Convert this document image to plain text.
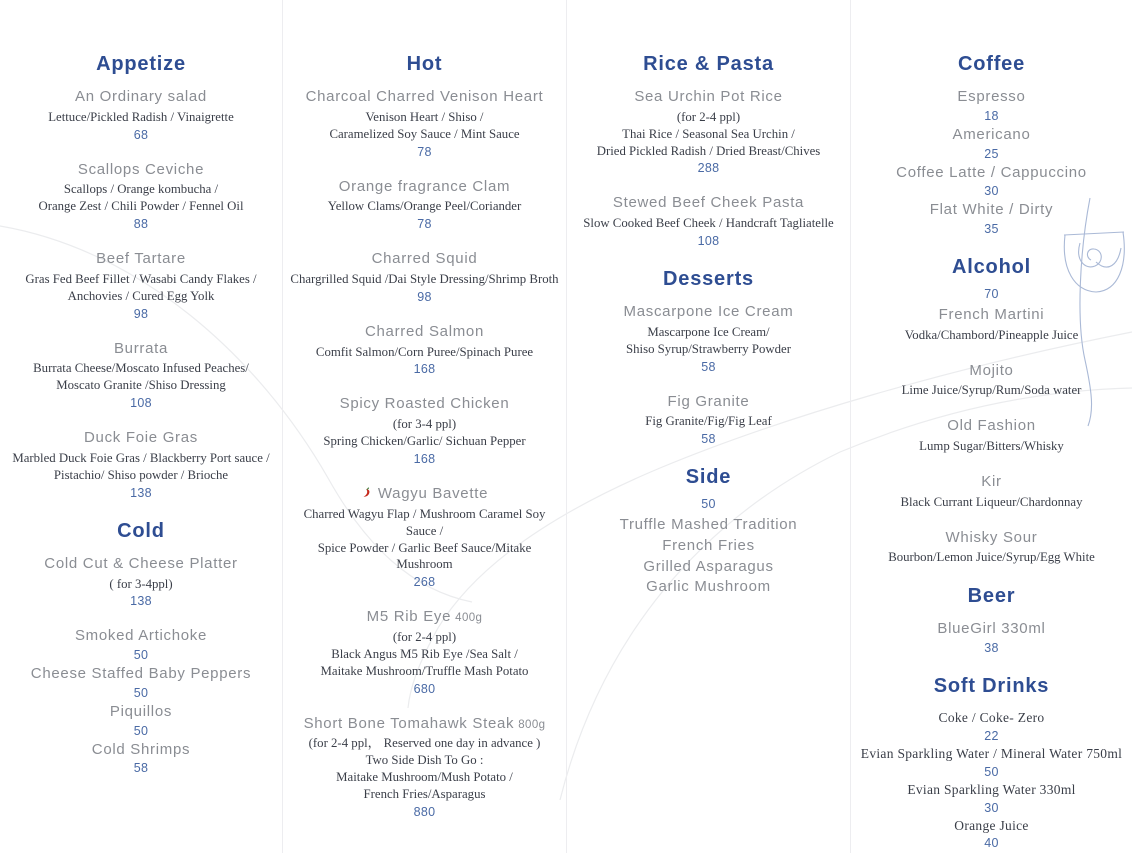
Appetize
An Ordinary salad
Lettuce/Pickled Radish / Vinaigrette
68
Scallops Ceviche
Scallops / Orange kombucha /
Orange Zest / Chili Powder / Fennel Oil
88
Beef Tartare
Gras Fed Beef Fillet / Wasabi Candy Flakes /
Anchovies / Cured Egg Yolk
98
Burrata
Burrata Cheese/Moscato Infused Peaches/
Moscato Granite /Shiso Dressing
108
Duck Foie Gras
Marbled Duck Foie Gras / Blackberry Port sauce /
Pistachio/ Shiso powder / Brioche
138
Cold
Cold Cut & Cheese Platter
( for 3-4ppl)
138
Smoked Artichoke
50
Cheese Staffed Baby Peppers
50
Piquillos
50
Cold Shrimps
58
Hot
Charcoal Charred Venison Heart
Venison Heart / Shiso /
Caramelized Soy Sauce / Mint Sauce
78
Orange fragrance Clam
Yellow Clams/Orange Peel/Coriander
78
Charred Squid
Chargrilled Squid /Dai Style Dressing/Shrimp Broth
98
Charred Salmon
Comfit Salmon/Corn Puree/Spinach Puree
168
Spicy Roasted Chicken
(for 3-4 ppl)
Spring Chicken/Garlic/ Sichuan Pepper
168
Wagyu Bavette
Charred Wagyu Flap / Mushroom Caramel Soy Sauce /
Spice Powder / Garlic Beef Sauce/Mitake Mushroom
268
M5 Rib Eye 400g
(for 2-4 ppl)
Black Angus M5 Rib Eye /Sea Salt /
Maitake Mushroom/Truffle Mash Potato
680
Short Bone Tomahawk Steak 800g
(for 2-4 ppl， Reserved one day in advance )
Two Side Dish To Go :
Maitake Mushroom/Mush Potato /
French Fries/Asparagus
880
Rice & Pasta
Sea Urchin Pot Rice
(for 2-4 ppl)
Thai Rice / Seasonal Sea Urchin /
Dried Pickled Radish / Dried Breast/Chives
288
Stewed Beef Cheek Pasta
Slow Cooked Beef Cheek / Handcraft Tagliatelle
108
Desserts
Mascarpone Ice Cream
Mascarpone Ice Cream/
Shiso Syrup/Strawberry Powder
58
Fig Granite
Fig Granite/Fig/Fig Leaf
58
Side
50
Truffle Mashed Tradition
French Fries
Grilled Asparagus
Garlic Mushroom
Coffee
Espresso
18
Americano
25
Coffee Latte / Cappuccino
30
Flat White / Dirty
35
Alcohol
70
French Martini
Vodka/Chambord/Pineapple Juice
Mojito
Lime Juice/Syrup/Rum/Soda water
Old Fashion
Lump Sugar/Bitters/Whisky
Kir
Black Currant Liqueur/Chardonnay
Whisky Sour
Bourbon/Lemon Juice/Syrup/Egg White
Beer
BlueGirl 330ml
38
Soft Drinks
Coke / Coke- Zero
22
Evian Sparkling Water / Mineral Water 750ml
50
Evian Sparkling Water 330ml
30
Orange Juice
40
